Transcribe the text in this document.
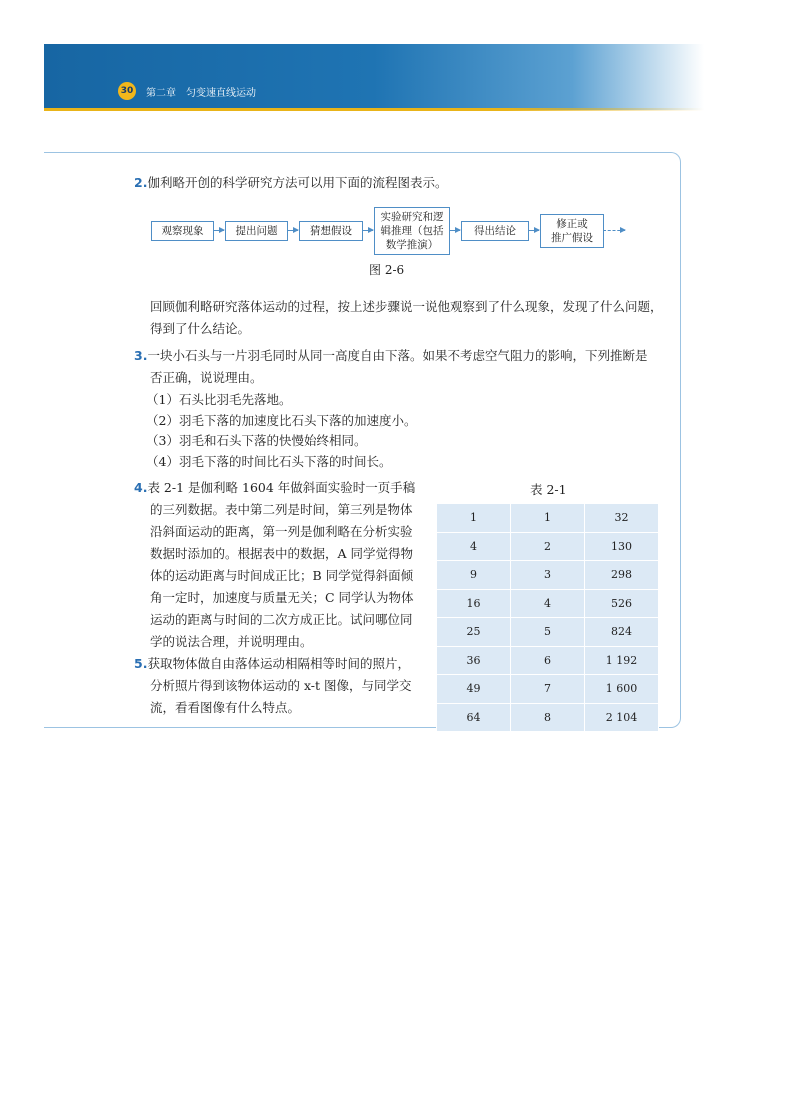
30 第二章　匀变速直线运动
2.伽利略开创的科学研究方法可以用下面的流程图表示。
观察现象	提出问题	猜想假设
实验研究和逻
辑推理（包括
数学推演）
得出结论
修正或
推广假设
图 2-6
回顾伽利略研究落体运动的过程，按上述步骤说一说他观察到了什么现象，发现了什么问题，
得到了什么结论。
3.一块小石头与一片羽毛同时从同一高度自由下落。如果不考虑空气阻力的影响，下列推断是
否正确，说说理由。
（1）石头比羽毛先落地。
（2）羽毛下落的加速度比石头下落的加速度小。
（3）羽毛和石头下落的快慢始终相同。
（4）羽毛下落的时间比石头下落的时间长。
4.表 2-1 是伽利略 1604 年做斜面实验时一页手稿
的三列数据。表中第二列是时间，第三列是物体
沿斜面运动的距离，第一列是伽利略在分析实验
数据时添加的。根据表中的数据，A 同学觉得物
体的运动距离与时间成正比；B 同学觉得斜面倾
角一定时，加速度与质量无关；C 同学认为物体
运动的距离与时间的二次方成正比。试问哪位同
学的说法合理，并说明理由。
5.获取物体做自由落体运动相隔相等时间的照片，
分析照片得到该物体运动的 x-t 图像，与同学交
流，看看图像有什么特点。
表 2-1
1	1	32
4	2	130
9	3	298
16	4	526
25	5	824
36	6	1 192
49	7	1 600
64	8	2 104
